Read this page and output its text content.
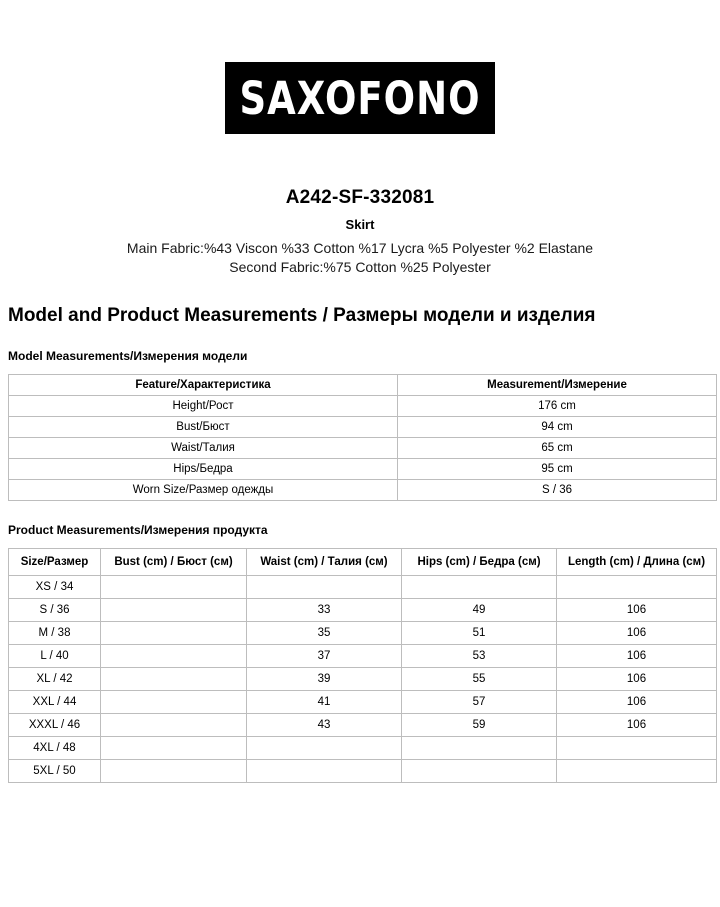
SAXOFONO
A242-SF-332081
Skirt
Main Fabric:%43 Viscon %33 Cotton %17 Lycra %5 Polyester %2 Elastane
Second Fabric:%75 Cotton %25 Polyester
Model and Product Measurements / Размеры модели и изделия
Model Measurements/Измерения модели
Feature/Характеристика	Measurement/Измерение
Height/Рост	176 cm
Bust/Бюст	94 cm
Waist/Талия	65 cm
Hips/Бедра	95 cm
Worn Size/Размер одежды	S / 36
Product Measurements/Измерения продукта
Size/Размер	Bust (cm) / Бюст (см)	Waist (cm) / Талия (см)	Hips (cm) / Бедра (см)	Length (cm) / Длина (см)
XS / 34				
S / 36		33	49	106
M / 38		35	51	106
L / 40		37	53	106
XL / 42		39	55	106
XXL / 44		41	57	106
XXXL / 46		43	59	106
4XL / 48				
5XL / 50				
